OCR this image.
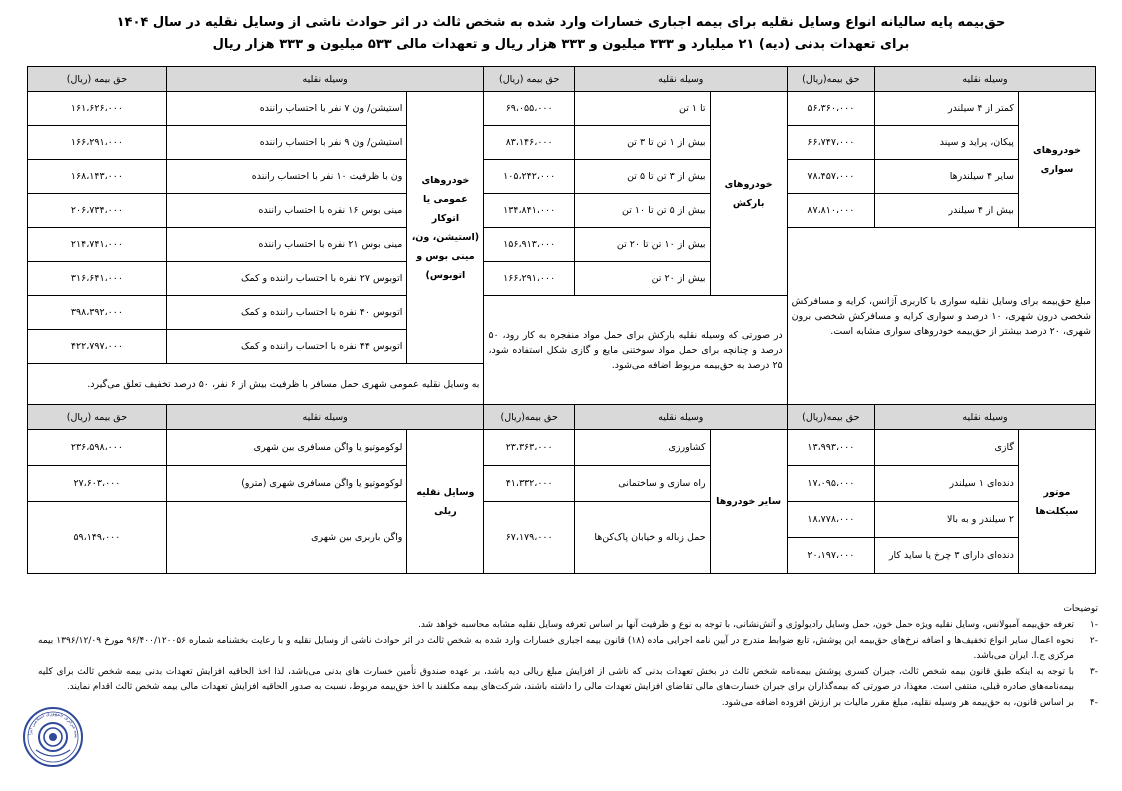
حق‌بیمه پایه سالیانه انواع وسایل نقلیه برای بیمه اجباری خسارات وارد شده به شخص ثالث در اثر حوادث ناشی از وسایل نقلیه در سال ۱۴۰۴
برای تعهدات بدنی (دیه) ۲۱ میلیارد و ۳۳۳ میلیون و ۳۳۳ هزار ریال و تعهدات مالی ۵۳۳ میلیون و ۳۳۳ هزار ریال
وسیله نقلیه		حق بیمه(ریال)	وسیله نقلیه		حق بیمه (ریال)	وسیله نقلیه		حق بیمه (ریال)
خودروهای سواری	کمتر از ۴ سیلندر	۵۶،۳۶۰،۰۰۰	خودروهای بارکش	تا ۱ تن	۶۹،۰۵۵،۰۰۰	خودروهای عمومی یا اتوکار (استیشن، ون، مینی بوس و اتوبوس)	استیشن/ ون ۷ نفر با احتساب راننده	۱۶۱،۶۲۶،۰۰۰
	پیکان، پراید و سپند	۶۶،۷۴۷،۰۰۰		بیش از ۱ تن تا ۳ تن	۸۳،۱۴۶،۰۰۰		استیشن/ ون ۹ نفر با احتساب راننده	۱۶۶،۲۹۱،۰۰۰
	سایر ۴ سیلندرها	۷۸،۴۵۷،۰۰۰		بیش از ۳ تن تا ۵ تن	۱۰۵،۲۴۲،۰۰۰		ون با ظرفیت ۱۰ نفر با احتساب راننده	۱۶۸،۱۴۳،۰۰۰
	بیش از ۴ سیلندر	۸۷،۸۱۰،۰۰۰		بیش از ۵ تن تا ۱۰ تن	۱۳۴،۸۴۱،۰۰۰		مینی بوس ۱۶ نفره با احتساب راننده	۲۰۶،۷۳۴،۰۰۰
مبلغ حق‌بیمه برای وسایل نقلیه سواری با کاربری آژانس، کرایه و مسافرکش شخصی درون شهری، ۱۰ درصد و سواری کرایه و مسافرکش شخصی برون شهری، ۲۰ درصد بیشتر از حق‌بیمه خودروهای سواری مشابه است.				بیش از ۱۰ تن تا ۲۰ تن	۱۵۶،۹۱۳،۰۰۰		مینی بوس ۲۱ نفره با احتساب راننده	۲۱۴،۷۴۱،۰۰۰
				بیش از ۲۰ تن	۱۶۶،۲۹۱،۰۰۰		اتوبوس ۲۷ نفره با احتساب راننده و کمک	۳۱۶،۶۴۱،۰۰۰
			در صورتی که وسیله نقلیه بارکش برای حمل مواد منفجره به کار رود، ۵۰ درصد و چنانچه برای حمل مواد سوختنی مایع و گازی شکل استفاده شود، ۲۵ درصد به حق‌بیمه مربوط اضافه می‌شود.				اتوبوس ۴۰ نفره با احتساب راننده و کمک	۳۹۸،۳۹۲،۰۰۰
							اتوبوس ۴۴ نفره با احتساب راننده و کمک	۴۲۲،۷۹۷،۰۰۰
						به وسایل نقلیه عمومی شهری حمل مسافر با ظرفیت بیش از ۶ نفر، ۵۰ درصد تخفیف تعلق می‌گیرد.		
وسیله نقلیه		حق بیمه(ریال)	وسیله نقلیه		حق بیمه(ریال)	وسیله نقلیه		حق بیمه (ریال)
موتور سیکلت‌ها	گازی	۱۳،۹۹۳،۰۰۰	سایر خودروها	کشاورزی	۲۳،۳۶۳،۰۰۰	وسایل نقلیه ریلی	لوکوموتیو یا واگن مسافری بین شهری	۲۳۶،۵۹۸،۰۰۰
	دنده‌ای ۱ سیلندر	۱۷،۰۹۵،۰۰۰		راه سازی و ساختمانی	۴۱،۳۳۲،۰۰۰		لوکوموتیو یا واگن مسافری شهری (مترو)	۲۷،۶۰۳،۰۰۰
	۲ سیلندر و به بالا	۱۸،۷۷۸،۰۰۰		حمل زباله و خیابان پاک‌کن‌ها	۶۷،۱۷۹،۰۰۰		واگن باربری بین شهری	۵۹،۱۴۹،۰۰۰
	دنده‌ای دارای ۳ چرخ یا ساید کار	۲۰،۱۹۷،۰۰۰						
توضیحات
-۱
تعرفه حق‌بیمه آمبولانس، وسایل نقلیه ویژه حمل خون، حمل وسایل رادیولوژی و آتش‌نشانی، با توجه به نوع و ظرفیت آنها بر اساس تعرفه وسایل نقلیه مشابه محاسبه خواهد شد.
-۲
نحوه اعمال سایر انواع تخفیف‌ها و اضافه نرخ‌های حق‌بیمه این پوشش، تابع ضوابط مندرج در آیین نامه اجرایی ماده (۱۸) قانون بیمه اجباری خسارات وارد شده به شخص ثالث در اثر حوادث ناشی از وسایل نقلیه و با رعایت بخشنامه شماره ۹۶/۴۰۰/۱۲۰۰۵۶ مورخ ۱۳۹۶/۱۲/۰۹ بیمه مرکزی ج.ا. ایران می‌باشد.
-۳
با توجه به اینکه طبق قانون بیمه شخص ثالث، جبران کسری پوشش بیمه‌نامه شخص ثالث در بخش تعهدات بدنی که ناشی از افزایش مبلغ ریالی دیه باشد، بر عهده صندوق تأمین خسارت های بدنی می‌باشد، لذا اخذ الحاقیه افزایش تعهدات بدنی بیمه شخص ثالث برای کلیه بیمه‌نامه‌های صادره قبلی، منتفی است. معهذا، در صورتی که بیمه‌گذاران برای جبران خسارت‌های مالی تقاضای افزایش تعهدات مالی را داشته باشند، شرکت‌های بیمه مکلفند با اخذ حق‌بیمه مربوط، نسبت به صدور الحاقیه افزایش تعهدات مالی بیمه شخص ثالث اقدام نمایند.
-۴
بر اساس قانون، به حق‌بیمه هر وسیله نقلیه، مبلغ مقرر مالیات بر ارزش افزوده اضافه می‌شود.
یمه مرکزی جمهوری اسلامی ایرا
